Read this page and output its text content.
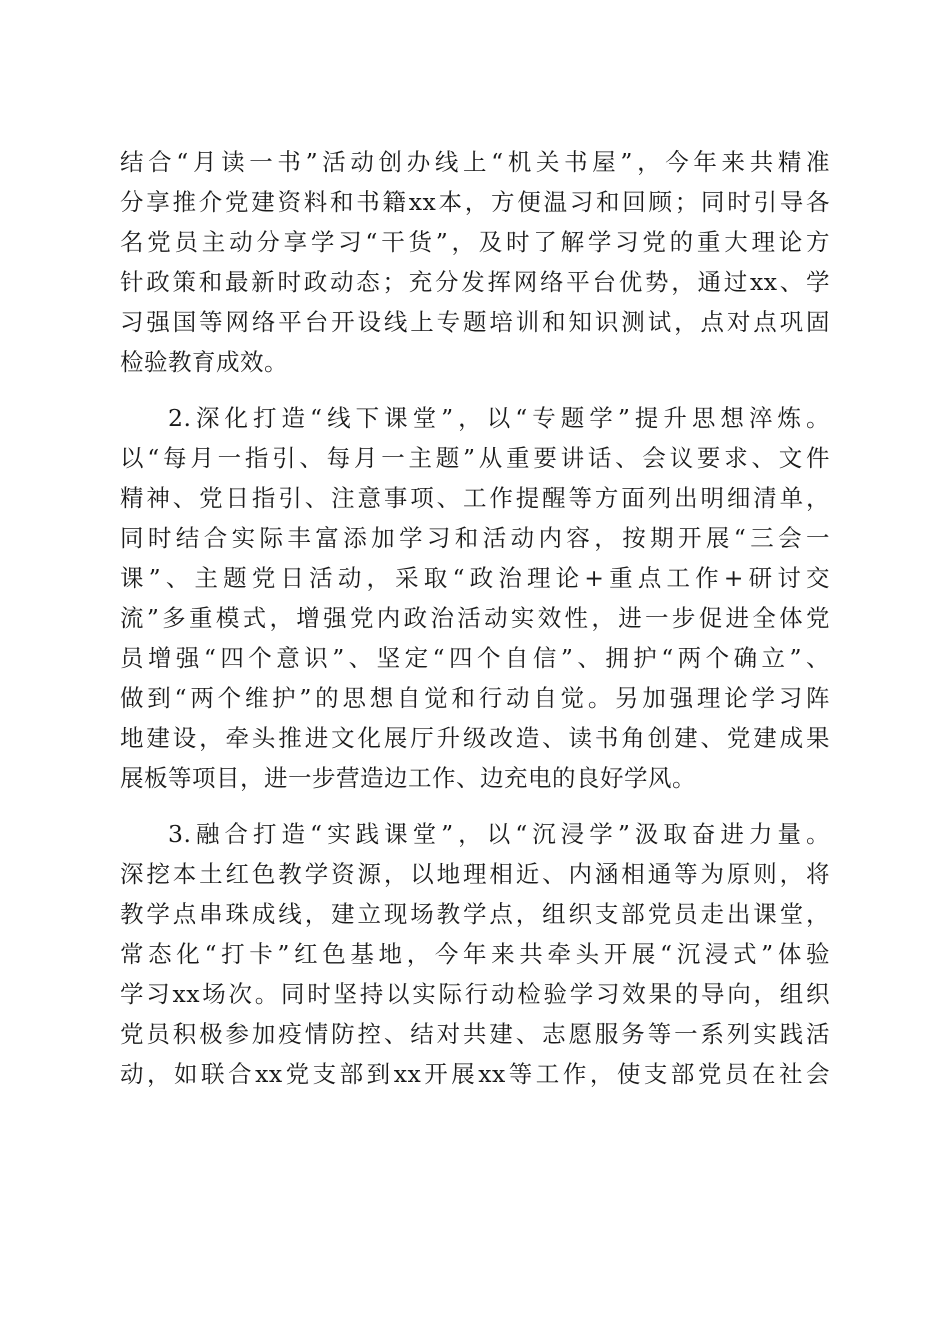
结合“月读一书”活动创办线上“机关书屋”，今年来共精准
分享推介党建资料和书籍xx本，方便温习和回顾；同时引导各
名党员主动分享学习“干货”，及时了解学习党的重大理论方
针政策和最新时政动态；充分发挥网络平台优势，通过xx、学
习强国等网络平台开设线上专题培训和知识测试，点对点巩固
检验教育成效。
2.深化打造“线下课堂”，以“专题学”提升思想淬炼。
以“每月一指引、每月一主题”从重要讲话、会议要求、文件
精神、党日指引、注意事项、工作提醒等方面列出明细清单，
同时结合实际丰富添加学习和活动内容，按期开展“三会一
课”、主题党日活动，采取“政治理论+重点工作+研讨交
流”多重模式，增强党内政治活动实效性，进一步促进全体党
员增强“四个意识”、坚定“四个自信”、拥护“两个确立”、
做到“两个维护”的思想自觉和行动自觉。另加强理论学习阵
地建设，牵头推进文化展厅升级改造、读书角创建、党建成果
展板等项目，进一步营造边工作、边充电的良好学风。
3.融合打造“实践课堂”，以“沉浸学”汲取奋进力量。
深挖本土红色教学资源，以地理相近、内涵相通等为原则，将
教学点串珠成线，建立现场教学点，组织支部党员走出课堂，
常态化“打卡”红色基地，今年来共牵头开展“沉浸式”体验
学习xx场次。同时坚持以实际行动检验学习效果的导向，组织
党员积极参加疫情防控、结对共建、志愿服务等一系列实践活
动，如联合xx党支部到xx开展xx等工作，使支部党员在社会
